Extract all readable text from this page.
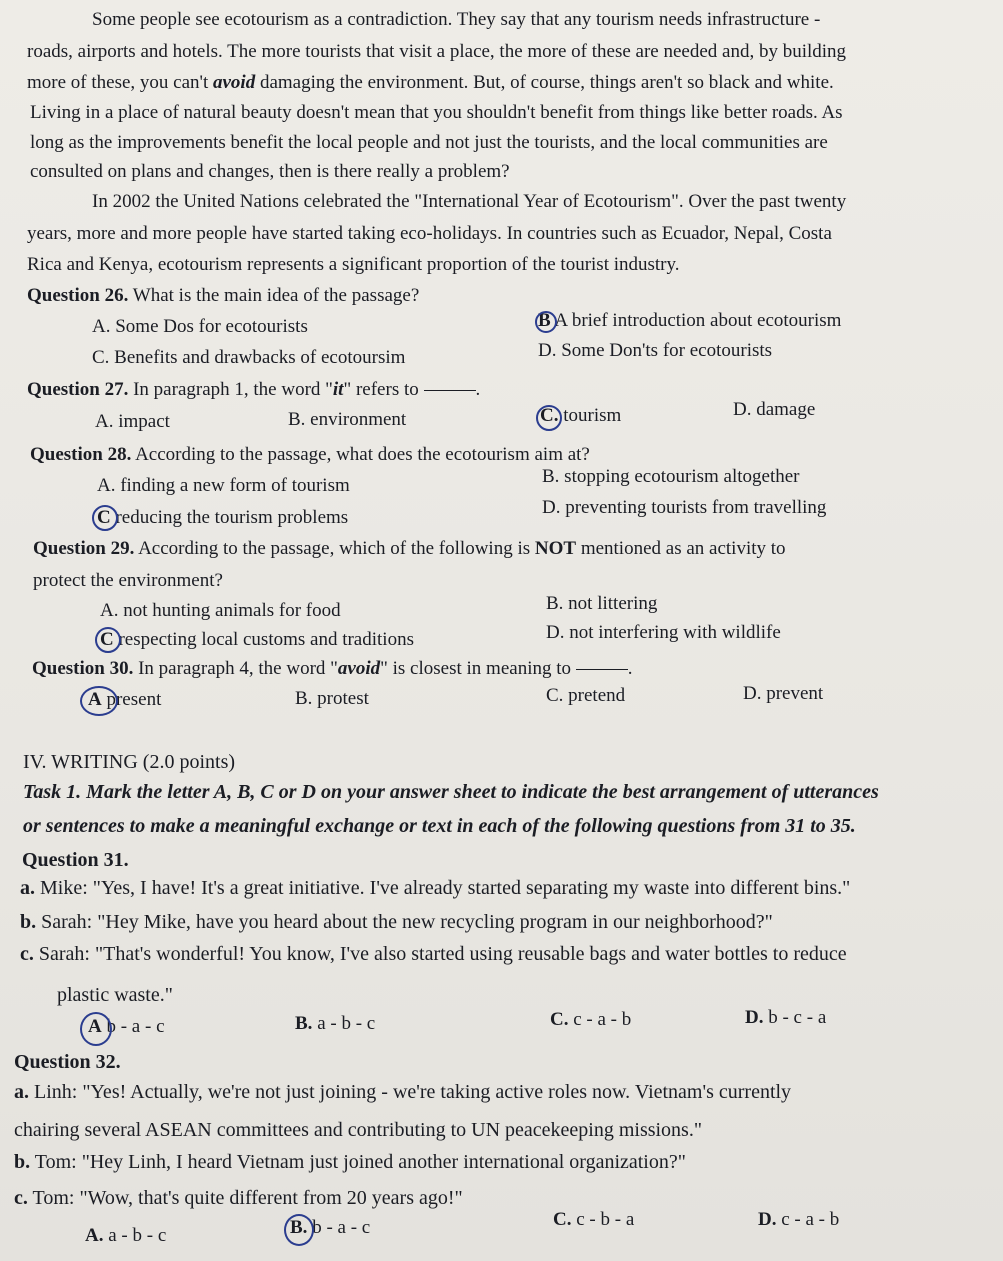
Some people see ecotourism as a contradiction. They say that any tourism needs infrastructure -
roads, airports and hotels. The more tourists that visit a place, the more of these are needed and, by building
more of these, you can't avoid damaging the environment. But, of course, things aren't so black and white.
Living in a place of natural beauty doesn't mean that you shouldn't benefit from things like better roads. As
long as the improvements benefit the local people and not just the tourists, and the local communities are
consulted on plans and changes, then is there really a problem?
In 2002 the United Nations celebrated the "International Year of Ecotourism". Over the past twenty
years, more and more people have started taking eco-holidays. In countries such as Ecuador, Nepal, Costa
Rica and Kenya, ecotourism represents a significant proportion of the tourist industry.
Question 26. What is the main idea of the passage?
A. Some Dos for ecotourists	B A brief introduction about ecotourism
C. Benefits and drawbacks of ecotoursim	D. Some Don'ts for ecotourists
Question 27. In paragraph 1, the word "it" refers to	.
A. impact	B. environment	C. tourism	D. damage
Question 28. According to the passage, what does the ecotourism aim at?
A. finding a new form of tourism	B. stopping ecotourism altogether
C reducing the tourism problems	D. preventing tourists from travelling
Question 29. According to the passage, which of the following is NOT mentioned as an activity to
protect the environment?
A. not hunting animals for food	B. not littering
C respecting local customs and traditions	D. not interfering with wildlife
Question 30. In paragraph 4, the word "avoid" is closest in meaning to	.
A present	B. protest	C. pretend	D. prevent
IV. WRITING (2.0 points)
Task 1. Mark the letter A, B, C or D on your answer sheet to indicate the best arrangement of utterances
or sentences to make a meaningful exchange or text in each of the following questions from 31 to 35.
Question 31.
a. Mike: "Yes, I have! It's a great initiative. I've already started separating my waste into different bins."
b. Sarah: "Hey Mike, have you heard about the new recycling program in our neighborhood?"
c. Sarah: "That's wonderful! You know, I've also started using reusable bags and water bottles to reduce
plastic waste."
A b - a - c	B. a - b - c	C. c - a - b	D. b - c - a
Question 32.
a. Linh: "Yes! Actually, we're not just joining - we're taking active roles now. Vietnam's currently
chairing several ASEAN committees and contributing to UN peacekeeping missions."
b. Tom: "Hey Linh, I heard Vietnam just joined another international organization?"
c. Tom: "Wow, that's quite different from 20 years ago!"
A. a - b - c	B. b - a - c	C. c - b - a	D. c - a - b
